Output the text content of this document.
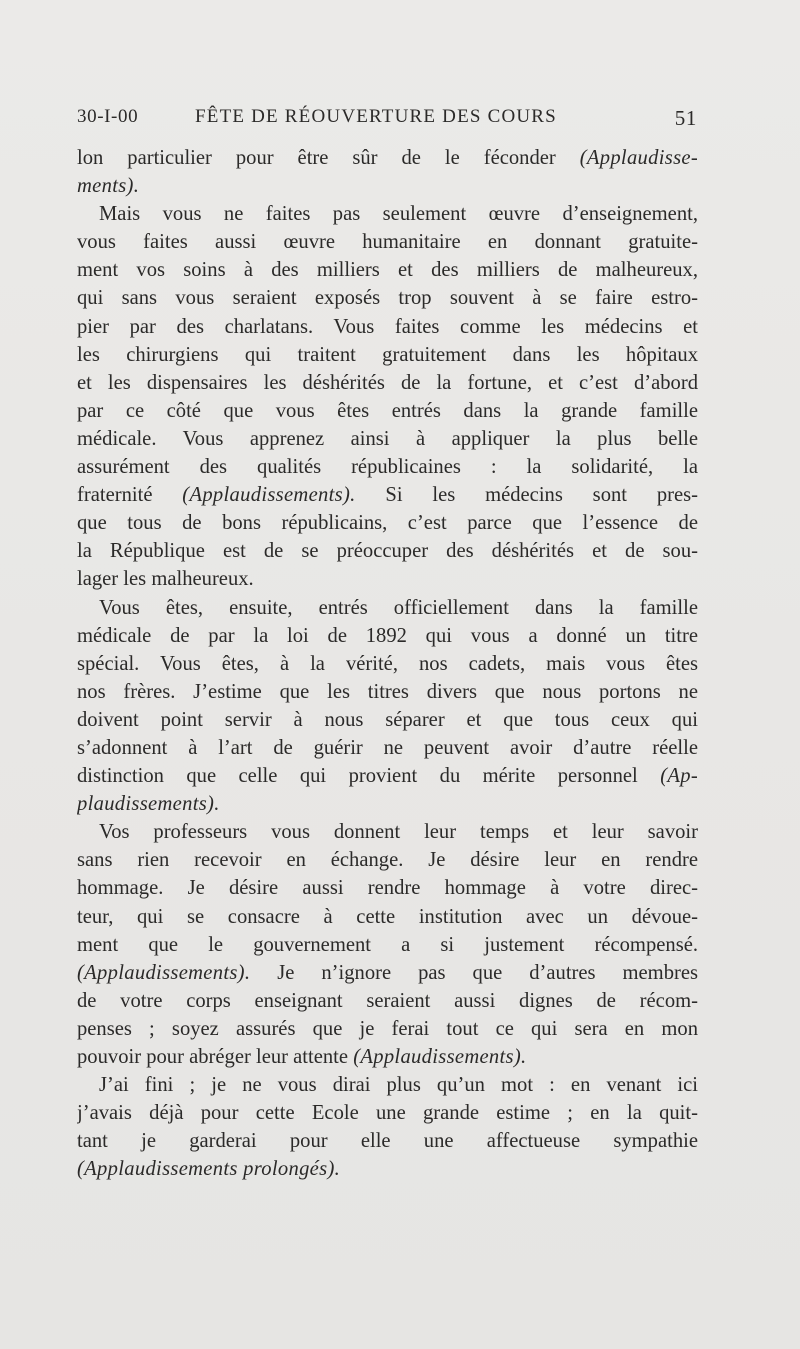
30-I-00	FÊTE DE RÉOUVERTURE DES COURS	51
lon particulier pour être sûr de le féconder (Applaudisse-
ments).
Mais vous ne faites pas seulement œuvre d’enseignement,
vous faites aussi œuvre humanitaire en donnant gratuite-
ment vos soins à des milliers et des milliers de malheureux,
qui sans vous seraient exposés trop souvent à se faire estro-
pier par des charlatans. Vous faites comme les médecins et
les chirurgiens qui traitent gratuitement dans les hôpitaux
et les dispensaires les déshérités de la fortune, et c’est d’abord
par ce côté que vous êtes entrés dans la grande famille
médicale. Vous apprenez ainsi à appliquer la plus belle
assurément des qualités républicaines : la solidarité, la
fraternité (Applaudissements). Si les médecins sont pres-
que tous de bons républicains, c’est parce que l’essence de
la République est de se préoccuper des déshérités et de sou-
lager les malheureux.
Vous êtes, ensuite, entrés officiellement dans la famille
médicale de par la loi de 1892 qui vous a donné un titre
spécial. Vous êtes, à la vérité, nos cadets, mais vous êtes
nos frères. J’estime que les titres divers que nous portons ne
doivent point servir à nous séparer et que tous ceux qui
s’adonnent à l’art de guérir ne peuvent avoir d’autre réelle
distinction que celle qui provient du mérite personnel (Ap-
plaudissements).
Vos professeurs vous donnent leur temps et leur savoir
sans rien recevoir en échange. Je désire leur en rendre
hommage. Je désire aussi rendre hommage à votre direc-
teur, qui se consacre à cette institution avec un dévoue-
ment que le gouvernement a si justement récompensé.
(Applaudissements). Je n’ignore pas que d’autres membres
de votre corps enseignant seraient aussi dignes de récom-
penses ; soyez assurés que je ferai tout ce qui sera en mon
pouvoir pour abréger leur attente (Applaudissements).
J’ai fini ; je ne vous dirai plus qu’un mot : en venant ici
j’avais déjà pour cette Ecole une grande estime ; en la quit-
tant je garderai pour elle une affectueuse sympathie
(Applaudissements prolongés).
